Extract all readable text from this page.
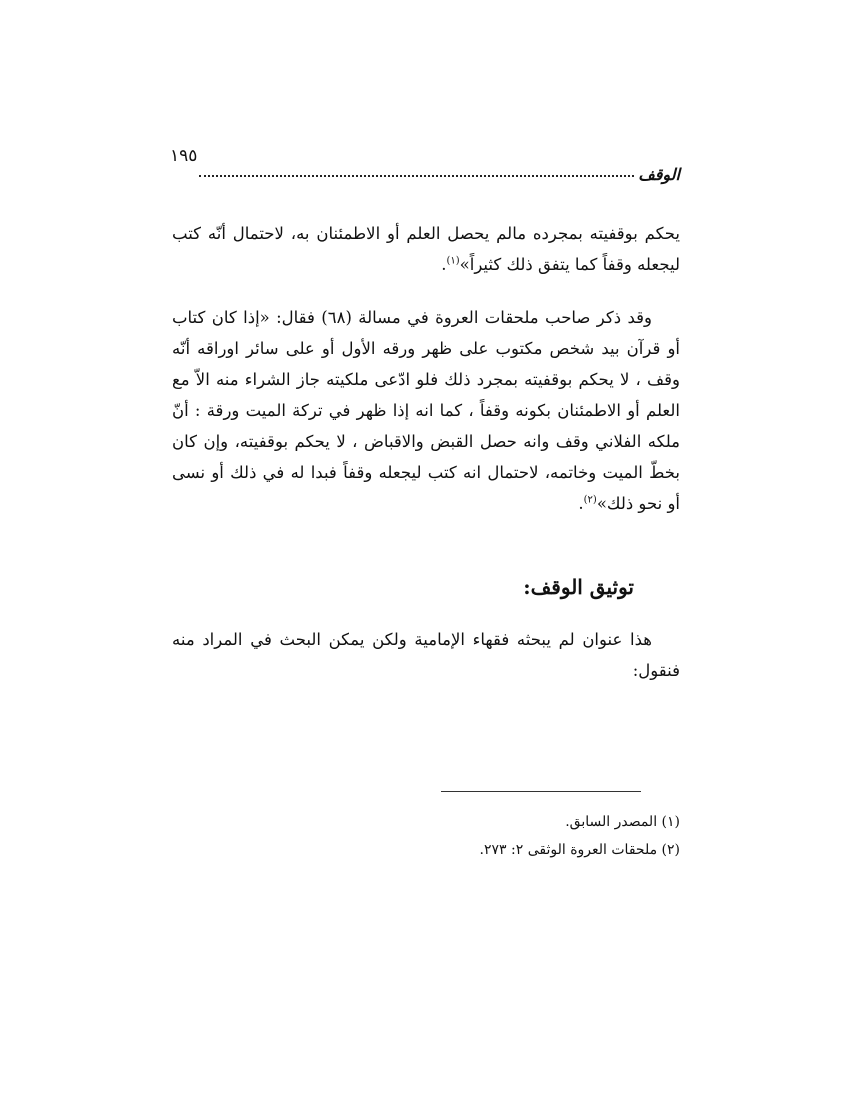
الوقف
١٩٥

يحكم بوقفيته بمجرده مالم يحصل العلم أو الاطمئنان به، لاحتمال أنّه كتب ليجعله وقفاً كما يتفق ذلك كثيراً»$^{(١)}$.

وقد ذكر صاحب ملحقات العروة في مسالة (٦٨) فقال: «إذا كان كتاب أو قرآن بيد شخص مكتوب على ظهر ورقه الأول أو على سائر اوراقه أنّه وقف ، لا يحكم بوقفيته بمجرد ذلك فلو ادّعى ملكيته جاز الشراء منه الاّ مع العلم أو الاطمئنان بكونه وقفاً ، كما انه إذا ظهر في تركة الميت ورقة : أنّ ملكه الفلاني وقف وانه حصل القبض والاقباض ، لا يحكم بوقفيته، وإن كان بخطّ الميت وخاتمه، لاحتمال انه كتب ليجعله وقفاً فبدا له في ذلك أو نسى أو نحو ذلك»$^{(٢)}$.

توثيق الوقف:

هذا عنوان لم يبحثه فقهاء الإمامية ولكن يمكن البحث في المراد منه فنقول:

(١) المصدر السابق.
(٢) ملحقات العروة الوثقى ٢: ٢٧٣.
